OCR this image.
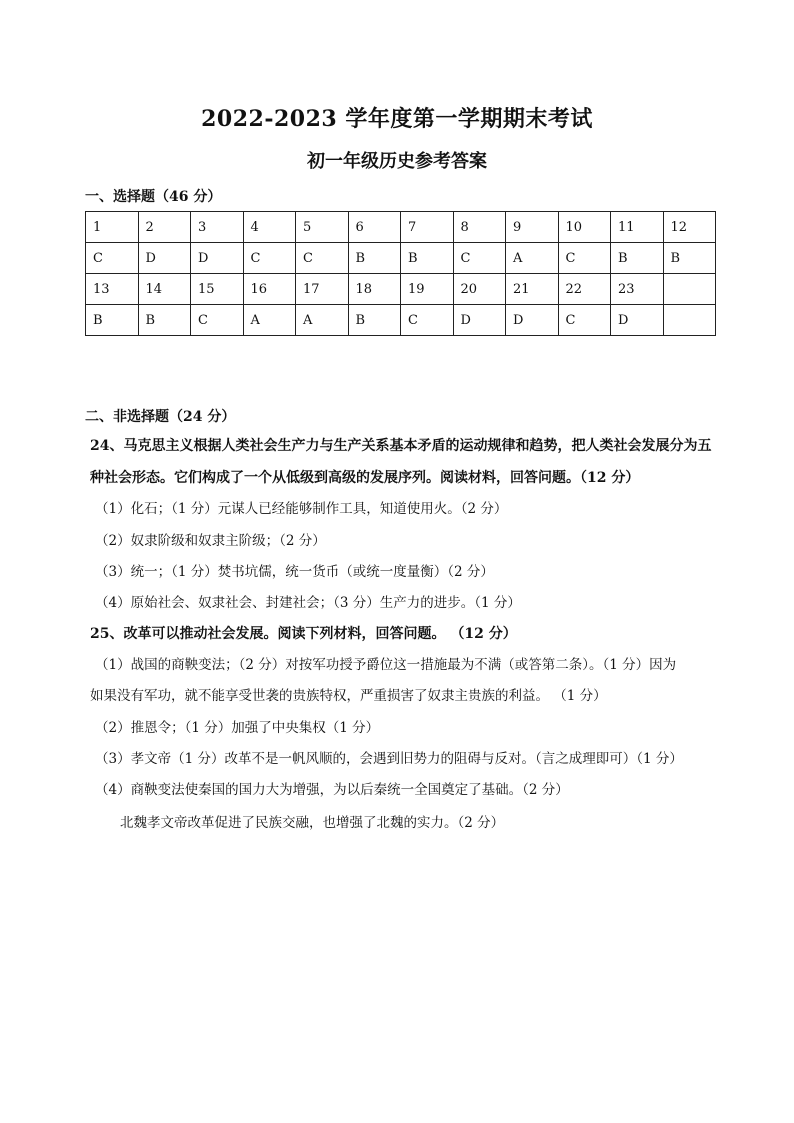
2022-2023 学年度第一学期期末考试
初一年级历史参考答案
一、选择题（46 分）
1	2	3	4	5	6	7	8	9	10	11	12
C	D	D	C	C	B	B	C	A	C	B	B
13	14	15	16	17	18	19	20	21	22	23	
B	B	C	A	A	B	C	D	D	C	D	
二、非选择题（24 分）
24、马克思主义根据人类社会生产力与生产关系基本矛盾的运动规律和趋势，把人类社会发展分为五
种社会形态。它们构成了一个从低级到高级的发展序列。阅读材料，回答问题。（12 分）
（1）化石；（1 分）元谋人已经能够制作工具，知道使用火。（2 分）
（2）奴隶阶级和奴隶主阶级；（2 分）
（3）统一；（1 分）焚书坑儒，统一货币（或统一度量衡）（2 分）
（4）原始社会、奴隶社会、封建社会；（3 分）生产力的进步。（1 分）
25、改革可以推动社会发展。阅读下列材料，回答问题。 （12 分）
（1）战国的商鞅变法；（2 分）对按军功授予爵位这一措施最为不满（或答第二条）。（1 分）因为
如果没有军功，就不能享受世袭的贵族特权，严重损害了奴隶主贵族的利益。 （1 分）
（2）推恩令；（1 分）加强了中央集权（1 分）
（3）孝文帝（1 分）改革不是一帆风顺的，会遇到旧势力的阻碍与反对。（言之成理即可）（1 分）
（4）商鞅变法使秦国的国力大为增强，为以后秦统一全国奠定了基础。（2 分）
北魏孝文帝改革促进了民族交融，也增强了北魏的实力。（2 分）
